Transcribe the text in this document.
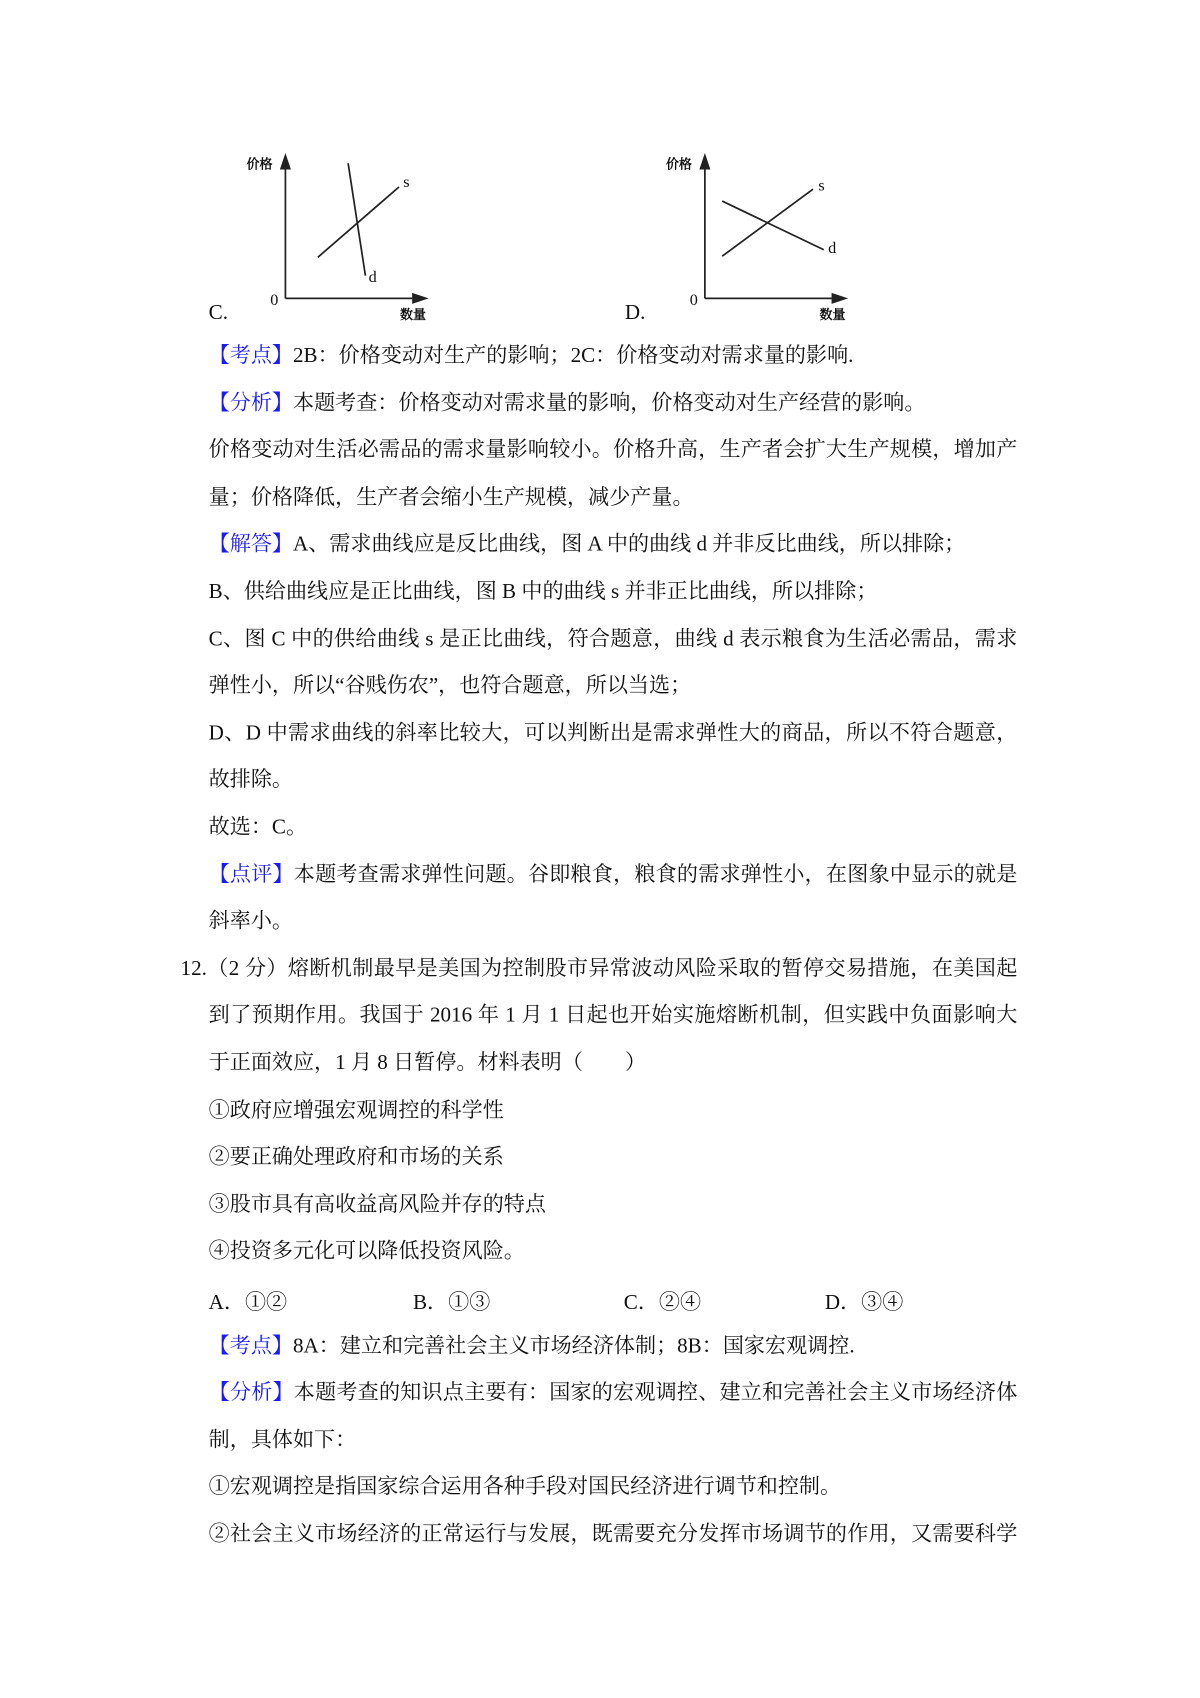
C.
价格
数量
0
s
d
D.
价格
数量
0
s
d
【考点】2B：价格变动对生产的影响；2C：价格变动对需求量的影响.
【分析】本题考查：价格变动对需求量的影响，价格变动对生产经营的影响。
价格变动对生活必需品的需求量影响较小。价格升高，生产者会扩大生产规模，增加产
量；价格降低，生产者会缩小生产规模，减少产量。
【解答】A、需求曲线应是反比曲线，图 A 中的曲线 d 并非反比曲线，所以排除；
B、供给曲线应是正比曲线，图 B 中的曲线 s 并非正比曲线，所以排除；
C、图 C 中的供给曲线 s 是正比曲线，符合题意，曲线 d 表示粮食为生活必需品，需求
弹性小，所以“谷贱伤农”，也符合题意，所以当选；
D、D 中需求曲线的斜率比较大，可以判断出是需求弹性大的商品，所以不符合题意，
故排除。
故选：C。
【点评】本题考查需求弹性问题。谷即粮食，粮食的需求弹性小，在图象中显示的就是
斜率小。
12.（2 分）熔断机制最早是美国为控制股市异常波动风险采取的暂停交易措施，在美国起
到了预期作用。我国于 2016 年 1 月 1 日起也开始实施熔断机制，但实践中负面影响大
于正面效应，1 月 8 日暂停。材料表明（　　）
①政府应增强宏观调控的科学性
②要正确处理政府和市场的关系
③股市具有高收益高风险并存的特点
④投资多元化可以降低投资风险。
【考点】8A：建立和完善社会主义市场经济体制；8B：国家宏观调控.
【分析】本题考查的知识点主要有：国家的宏观调控、建立和完善社会主义市场经济体
制，具体如下：
①宏观调控是指国家综合运用各种手段对国民经济进行调节和控制。
②社会主义市场经济的正常运行与发展，既需要充分发挥市场调节的作用，又需要科学
A．①②	B．①③	C．②④	D．③④
